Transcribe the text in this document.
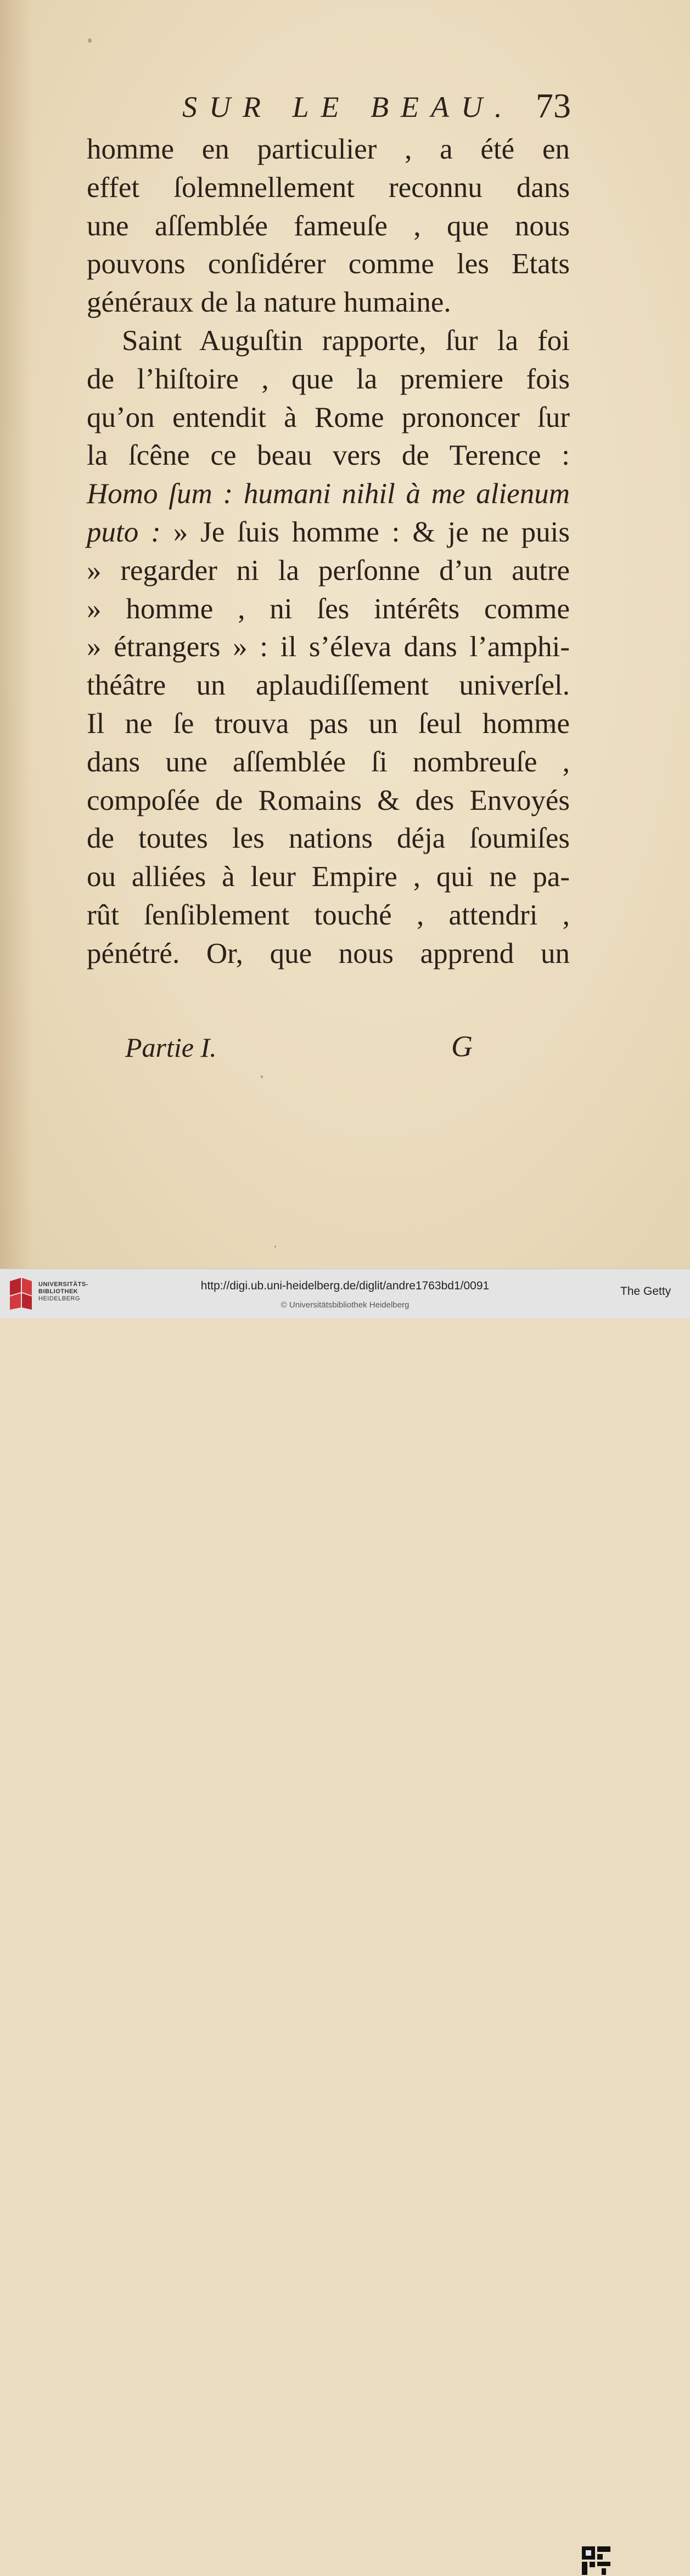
SUR LE BEAU. 73
homme en particulier , a été en
effet ſolemnellement reconnu dans
une aſſemblée fameuſe , que nous
pouvons conſidérer comme les Etats
généraux de la nature humaine.
Saint Auguſtin rapporte, ſur la foi
de l’hiſtoire , que la premiere fois
qu’on entendit à Rome prononcer ſur
la ſcêne ce beau vers de Terence :
Homo ſum : humani nihil à me alienum
puto : » Je ſuis homme : & je ne puis
» regarder ni la perſonne d’un autre
» homme , ni ſes intérêts comme
» étrangers » : il s’éleva dans l’amphi-
théâtre un aplaudiſſement univerſel.
Il ne ſe trouva pas un ſeul homme
dans une aſſemblée ſi nombreuſe ,
compoſée de Romains & des Envoyés
de toutes les nations déja ſoumiſes
ou alliées à leur Empire , qui ne pa-
rût ſenſiblement touché , attendri ,
pénétré. Or, que nous apprend un
Partie I.	G
UNIVERSITÄTS-
BIBLIOTHEK
HEIDELBERG
http://digi.ub.uni-heidelberg.de/diglit/andre1763bd1/0091
© Universitätsbibliothek Heidelberg
The Getty
